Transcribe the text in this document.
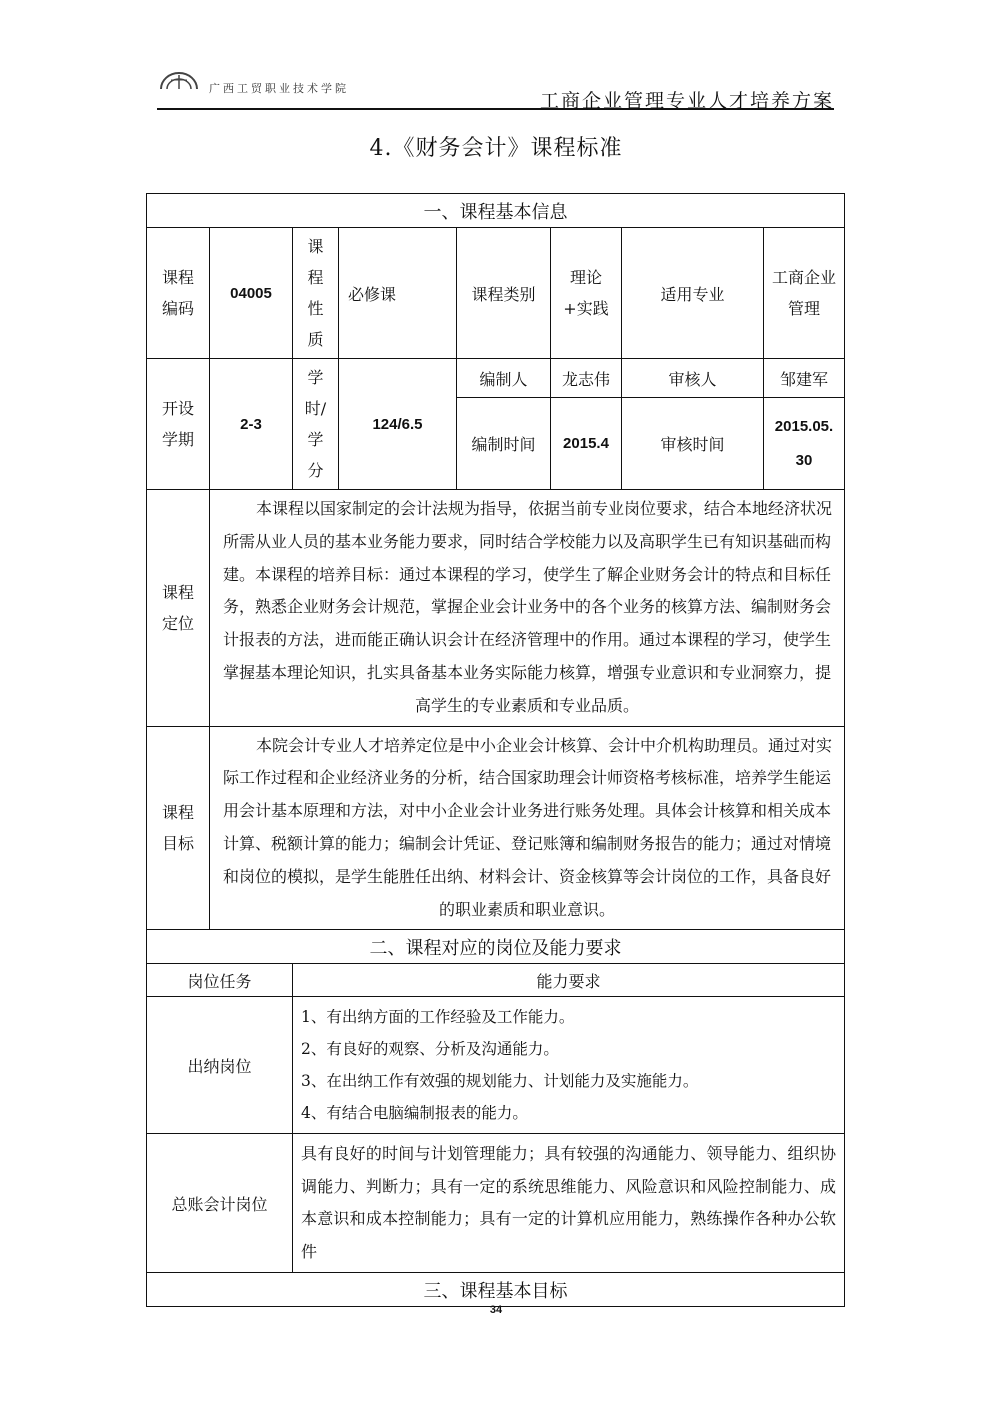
广西工贸职业技术学院
工商企业管理专业人才培养方案
4.《财务会计》课程标准
一、课程基本信息							
课程编码	04005	课程性质	必修课	课程类别	理论+实践	适用专业	工商企业管理
开设学期	2-3	学时/学分	124/6.5	编制人	龙志伟	审核人	邹建军
				编制时间	2015.4	审核时间	2015.05.30
课程定位	本课程以国家制定的会计法规为指导，依据当前专业岗位要求，结合本地经济状况所需从业人员的基本业务能力要求，同时结合学校能力以及高职学生已有知识基础而构建。本课程的培养目标：通过本课程的学习，使学生了解企业财务会计的特点和目标任务，熟悉企业财务会计规范，掌握企业会计业务中的各个业务的核算方法、编制财务会计报表的方法，进而能正确认识会计在经济管理中的作用。通过本课程的学习，使学生掌握基本理论知识，扎实具备基本业务实际能力核算，增强专业意识和专业洞察力，提高学生的专业素质和专业品质。						
课程目标	本院会计专业人才培养定位是中小企业会计核算、会计中介机构助理员。通过对实际工作过程和企业经济业务的分析，结合国家助理会计师资格考核标准，培养学生能运用会计基本原理和方法，对中小企业会计业务进行账务处理。具体会计核算和相关成本计算、税额计算的能力；编制会计凭证、登记账簿和编制财务报告的能力；通过对情境和岗位的模拟，是学生能胜任出纳、材料会计、资金核算等会计岗位的工作，具备良好的职业素质和职业意识。						
二、课程对应的岗位及能力要求							
岗位任务		能力要求					
出纳岗位		1、有出纳方面的工作经验及工作能力。
2、有良好的观察、分析及沟通能力。
3、在出纳工作有效强的规划能力、计划能力及实施能力。
4、有结合电脑编制报表的能力。					

总账会计岗位		具有良好的时间与计划管理能力；具有较强的沟通能力、领导能力、组织协调能力、判断力；具有一定的系统思维能力、风险意识和风险控制能力、成本意识和成本控制能力；具有一定的计算机应用能力，熟练操作各种办公软件					
三、课程基本目标							
34
